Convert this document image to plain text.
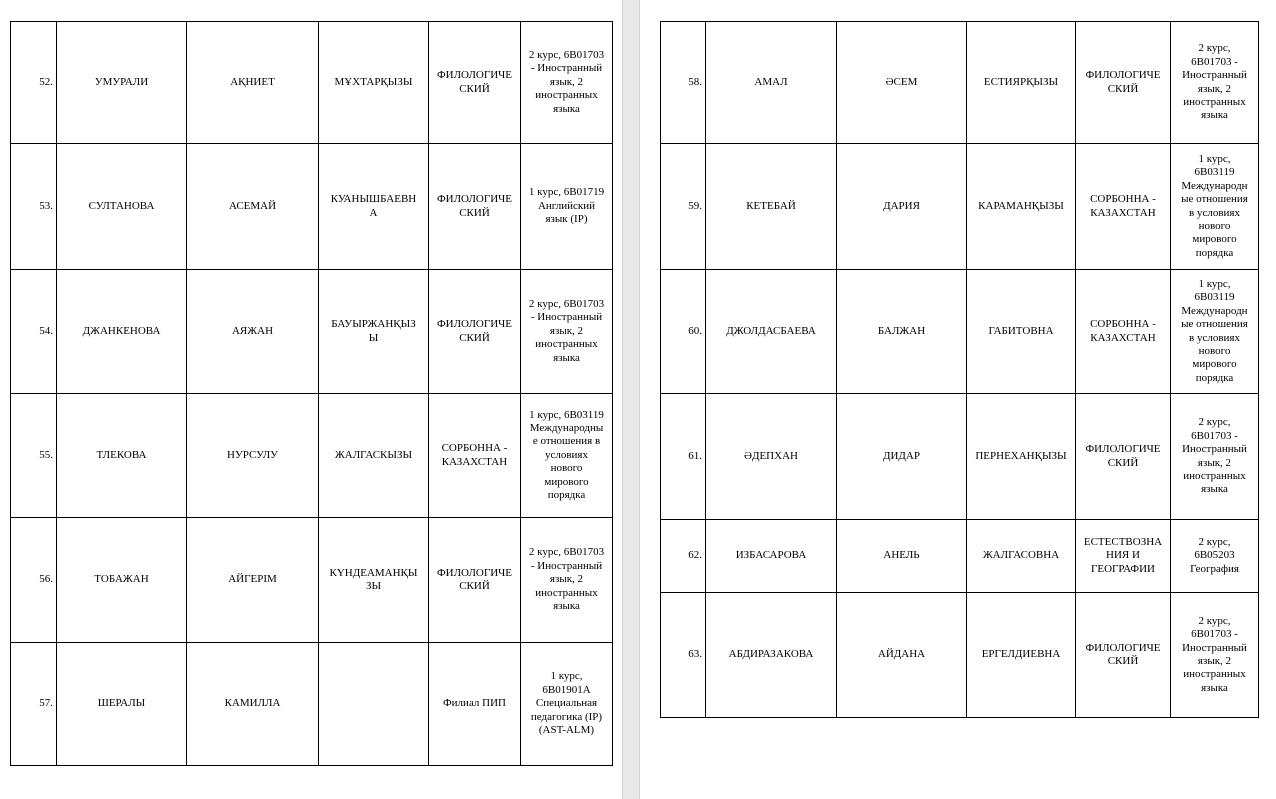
52.	УМУРАЛИ	АҚНИЕТ	МҰХТАРҚЫЗЫ	ФИЛОЛОГИЧЕСКИЙ	2 курс, 6В01703 - Иностранный язык, 2 иностранных языка
53.	СУЛТАНОВА	АСЕМАЙ	КУАНЫШБАЕВНА	ФИЛОЛОГИЧЕСКИЙ	1 курс, 6В01719 Английский язык (IP)
54.	ДЖАНКЕНОВА	АЯЖАН	БАУЫРЖАНҚЫЗЫ	ФИЛОЛОГИЧЕСКИЙ	2 курс, 6В01703 - Иностранный язык, 2 иностранных языка
55.	ТЛЕКОВА	НУРСУЛУ	ЖАЛГАСКЫЗЫ	СОРБОННА - КАЗАХСТАН	1 курс, 6В03119 Международные отношения в условиях нового мирового порядка
56.	ТОБАЖАН	АЙГЕРІМ	КҮНДЕАМАНҚЫЗЫ	ФИЛОЛОГИЧЕСКИЙ	2 курс, 6В01703 - Иностранный язык, 2 иностранных языка
57.	ШЕРАЛЫ	КАМИЛЛА		Филиал ПИП	1 курс, 6В01901А Специальная педагогика (IP) (AST-ALM)
58.	АМАЛ	ӘСЕМ	ЕСТИЯРҚЫЗЫ	ФИЛОЛОГИЧЕСКИЙ	2 курс, 6В01703 - Иностранный язык, 2 иностранных языка
59.	КЕТЕБАЙ	ДАРИЯ	КАРАМАНҚЫЗЫ	СОРБОННА - КАЗАХСТАН	1 курс, 6В03119 Международные отношения в условиях нового мирового порядка
60.	ДЖОЛДАСБАЕВА	БАЛЖАН	ГАБИТОВНА	СОРБОННА - КАЗАХСТАН	1 курс, 6В03119 Международные отношения в условиях нового мирового порядка
61.	ӘДЕПХАН	ДИДАР	ПЕРНЕХАНҚЫЗЫ	ФИЛОЛОГИЧЕСКИЙ	2 курс, 6В01703 - Иностранный язык, 2 иностранных языка
62.	ИЗБАСАРОВА	АНЕЛЬ	ЖАЛГАСОВНА	ЕСТЕСТВОЗНАНИЯ И ГЕОГРАФИИ	2 курс, 6В05203 География
63.	АБДИРАЗАКОВА	АЙДАНА	ЕРГЕЛДИЕВНА	ФИЛОЛОГИЧЕСКИЙ	2 курс, 6В01703 - Иностранный язык, 2 иностранных языка
